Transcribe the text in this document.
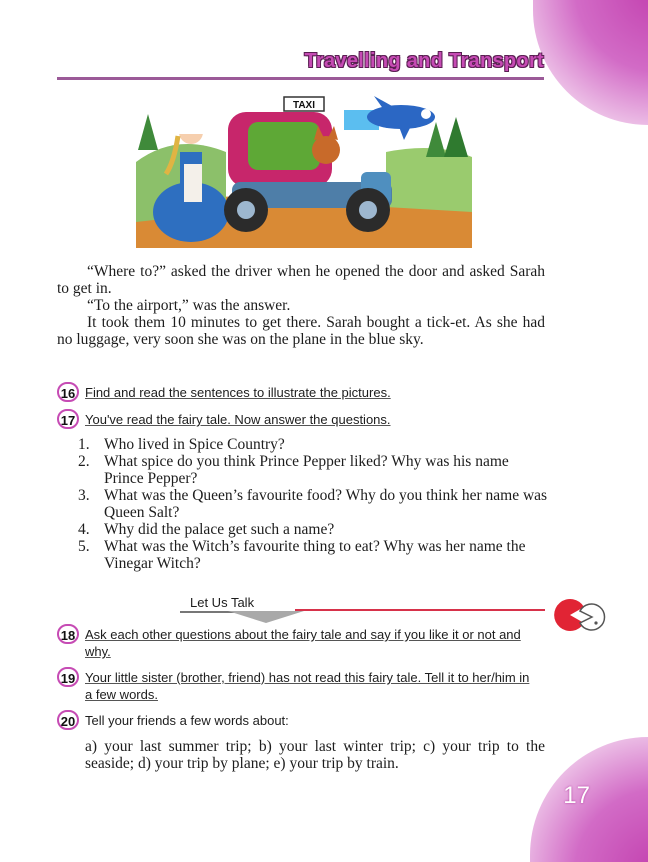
17
Travelling and Transport
TAXI

“Where to?” asked the driver when he opened the door and asked Sarah to get in.

“To the airport,” was the answer.

It took them 10 minutes to get there. Sarah bought a tick-et. As she had no luggage, very soon she was on the plane in the blue sky.

16 Find and read the sentences to illustrate the pictures.
17 You've read the fairy tale. Now answer the questions.
1. Who lived in Spice Country?
2. What spice do you think Prince Pepper liked? Why was his name Prince Pepper?
3. What was the Queen’s favourite food? Why do you think her name was Queen Salt?
4. Why did the palace get such a name?
5. What was the Witch’s favourite thing to eat? Why was her name the Vinegar Witch?
Let Us Talk
18 Ask each other questions about the fairy tale and say if you like it or not and why.
19 Your little sister (brother, friend) has not read this fairy tale. Tell it to her/him in a few words.
20 Tell your friends a few words about:
a) your last summer trip; b) your last winter trip; c) your trip to the seaside; d) your trip by plane; e) your trip by train.
